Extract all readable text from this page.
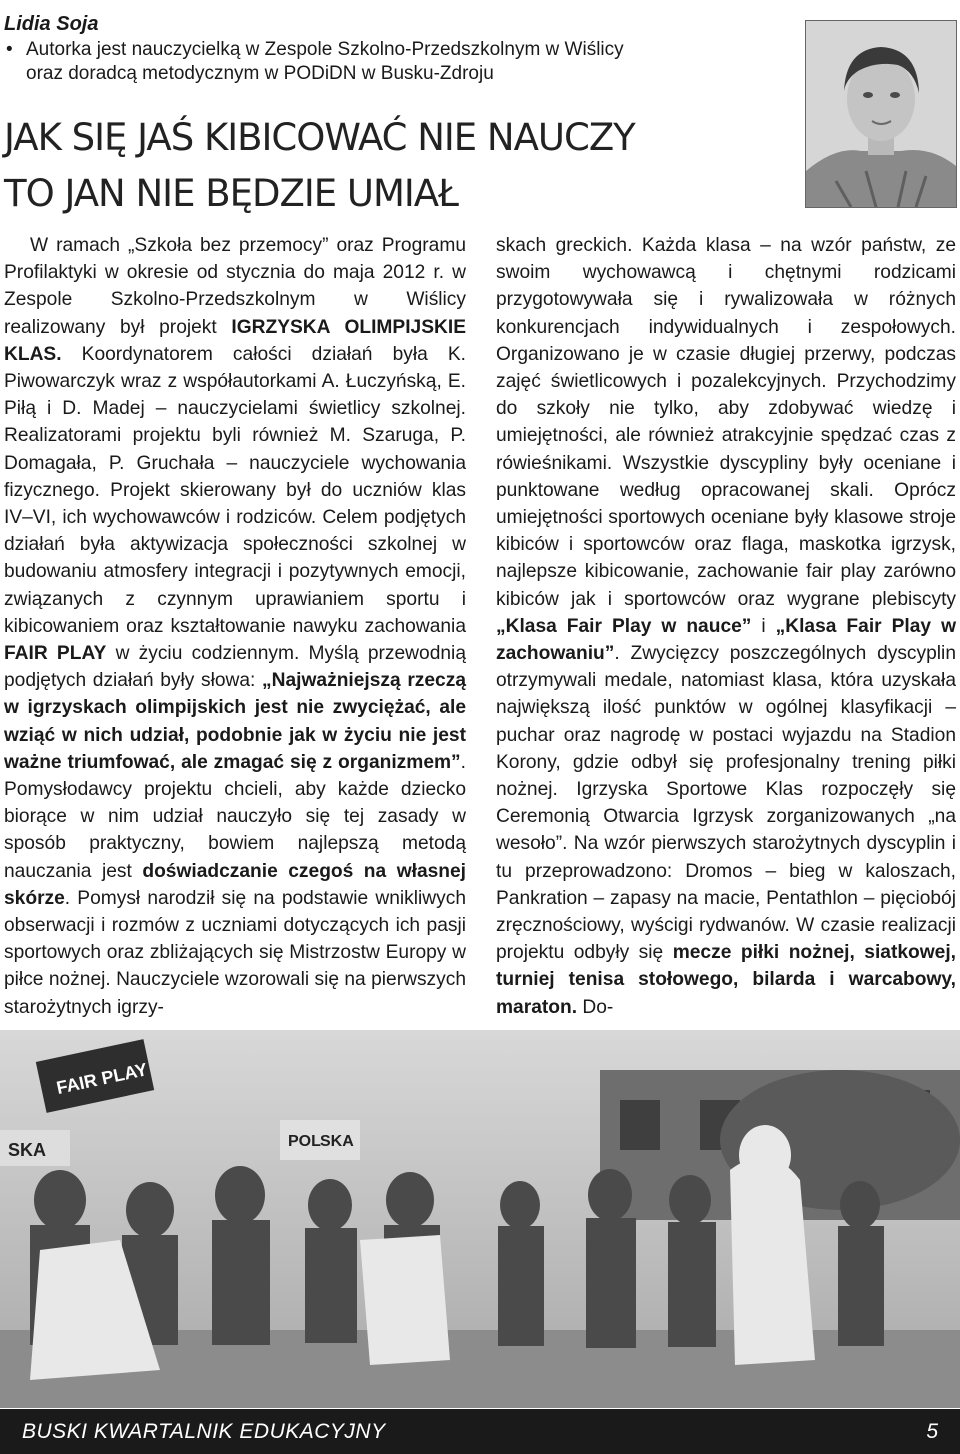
Lidia Soja

• Autorka jest nauczycielką w Zespole Szkolno-Przedszkolnym w Wiślicy
oraz doradcą metodycznym w PODiDN w Busku-Zdroju
JAK SIĘ JAŚ KIBICOWAĆ NIE NAUCZY
TO JAN NIE BĘDZIE UMIAŁ
W ramach „Szkoła bez przemocy” oraz Programu Profilaktyki w okresie od stycznia do maja 2012 r. w Zespole Szkolno-Przedszkolnym w Wiślicy realizowany był projekt IGRZYSKA OLIMPIJSKIE KLAS. Koordynatorem całości działań była K. Piwowarczyk wraz z współautorkami A. Łuczyńską, E. Piłą i D. Madej – nauczycielami świetlicy szkolnej. Realizatorami projektu byli również M. Szaruga, P. Domagała, P. Gruchała – nauczyciele wychowania fizycznego. Projekt skierowany był do uczniów klas IV–VI, ich wychowawców i rodziców. Celem podjętych działań była aktywizacja społeczności szkolnej w budowaniu atmosfery integracji i pozytywnych emocji, związanych z czynnym uprawianiem sportu i kibicowaniem oraz kształtowanie nawyku zachowania FAIR PLAY w życiu codziennym. Myślą przewodnią podjętych działań były słowa: „Najważniejszą rzeczą w igrzyskach olimpijskich jest nie zwyciężać, ale wziąć w nich udział, podobnie jak w życiu nie jest ważne triumfować, ale zmagać się z organizmem”. Pomysłodawcy projektu chcieli, aby każde dziecko biorące w nim udział nauczyło się tej zasady w sposób praktyczny, bowiem najlepszą metodą nauczania jest doświadczanie czegoś na własnej skórze. Pomysł narodził się na podstawie wnikliwych obserwacji i rozmów z uczniami dotyczących ich pasji sportowych oraz zbliżających się Mistrzostw Europy w piłce nożnej. Nauczyciele wzorowali się na pierwszych starożytnych igrzy-
skach greckich. Każda klasa – na wzór państw, ze swoim wychowawcą i chętnymi rodzicami przygotowywała się i rywalizowała w różnych konkurencjach indywidualnych i zespołowych. Organizowano je w czasie długiej przerwy, podczas zajęć świetlicowych i pozalekcyjnych. Przychodzimy do szkoły nie tylko, aby zdobywać wiedzę i umiejętności, ale również atrakcyjnie spędzać czas z rówieśnikami. Wszystkie dyscypliny były oceniane i punktowane według opracowanej skali. Oprócz umiejętności sportowych oceniane były klasowe stroje kibiców i sportowców oraz flaga, maskotka igrzysk, najlepsze kibicowanie, zachowanie fair play zarówno kibiców jak i sportowców oraz wygrane plebiscyty „Klasa Fair Play w nauce” i „Klasa Fair Play w zachowaniu”. Zwycięzcy poszczególnych dyscyplin otrzymywali medale, natomiast klasa, która uzyskała największą ilość punktów w ogólnej klasyfikacji – puchar oraz nagrodę w postaci wyjazdu na Stadion Korony, gdzie odbył się profesjonalny trening piłki nożnej. Igrzyska Sportowe Klas rozpoczęły się Ceremonią Otwarcia Igrzysk zorganizowanych „na wesoło”. Na wzór pierwszych starożytnych dyscyplin i tu przeprowadzono: Dromos – bieg w kaloszach, Pankration – zapasy na macie, Pentathlon – pięciobój zręcznościowy, wyścigi rydwanów. W czasie realizacji projektu odbyły się mecze piłki nożnej, siatkowej, turniej tenisa stołowego, bilarda i warcabowy, maraton. Do-
FAIR PLAY
SKA	POL SKA
BUSKI KWARTALNIK EDUKACYJNY	5
